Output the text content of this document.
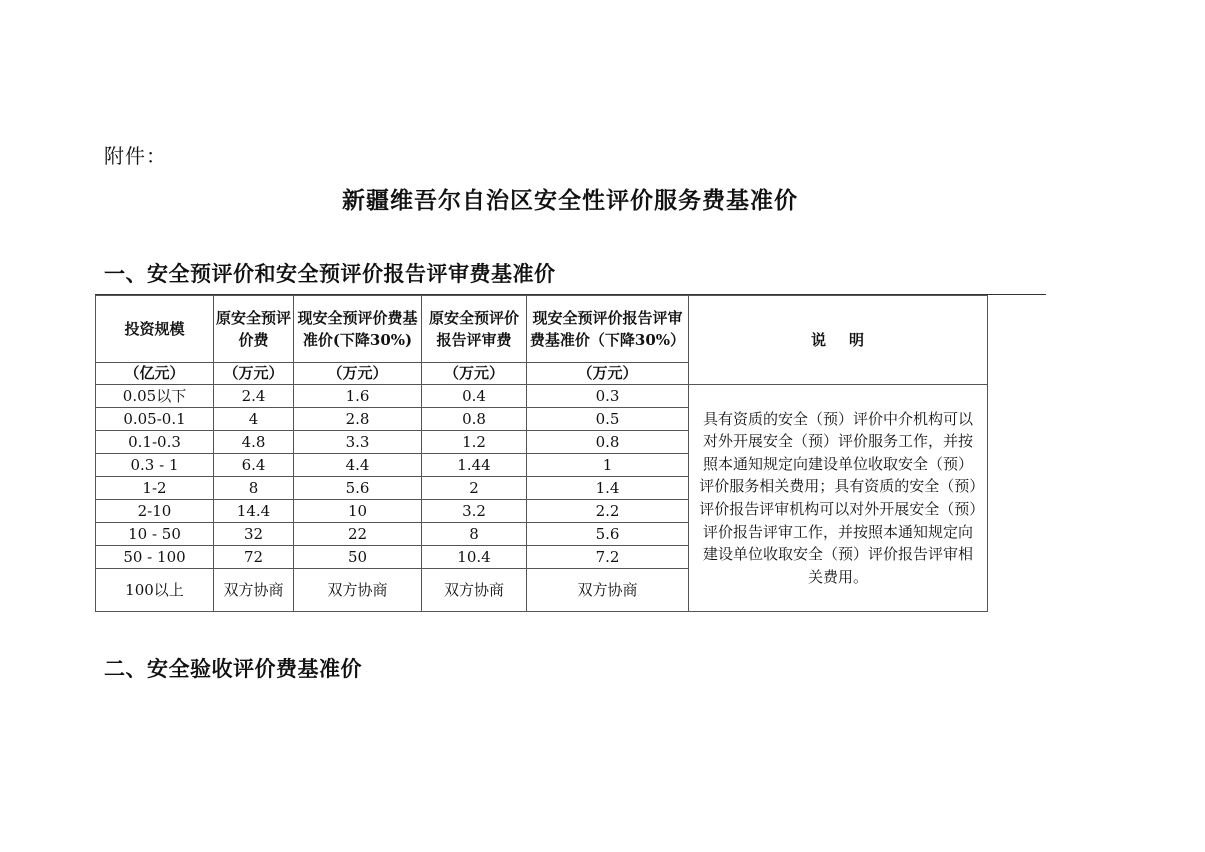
附件：
新疆维吾尔自治区安全性评价服务费基准价
一、安全预评价和安全预评价报告评审费基准价
投资规模	原安全预评价费	现安全预评价费基准价(下降30%)	原安全预评价报告评审费	现安全预评价报告评审费基准价（下降30%）	说 明
（亿元）	（万元）	（万元）	（万元）	（万元）	
0.05以下	2.4	1.6	0.4	0.3	具有资质的安全（预）评价中介机构可以对外开展安全（预）评价服务工作，并按照本通知规定向建设单位收取安全（预）评价服务相关费用；具有资质的安全（预）评价报告评审机构可以对外开展安全（预）评价报告评审工作，并按照本通知规定向建设单位收取安全（预）评价报告评审相关费用。
0.05-0.1	4	2.8	0.8	0.5	
0.1-0.3	4.8	3.3	1.2	0.8	
0.3 - 1	6.4	4.4	1.44	1	
1-2	8	5.6	2	1.4	
2-10	14.4	10	3.2	2.2	
10 - 50	32	22	8	5.6	
50 - 100	72	50	10.4	7.2	
100以上	双方协商	双方协商	双方协商	双方协商	
二、安全验收评价费基准价
